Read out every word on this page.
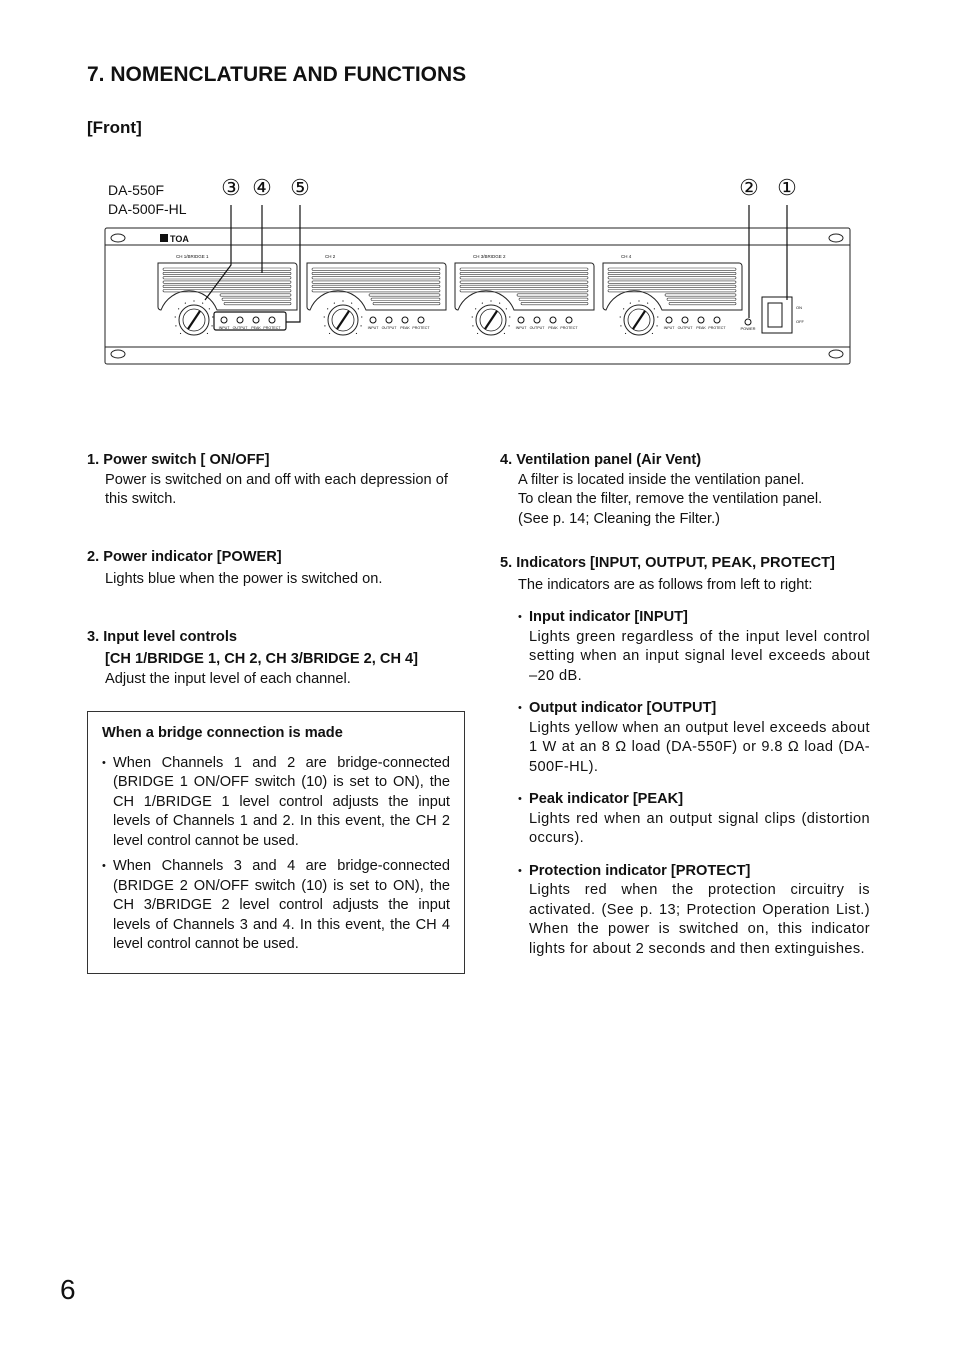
7. NOMENCLATURE AND FUNCTIONS
[Front]
DA-550F
DA-500F-HL
③ ④ ⑤	② ①
TOA
CH 1/BRIDGE 1
INPUT OUTPUT PEAK PROTECT
CH 2
INPUT OUTPUT PEAK PROTECT
CH 3/BRIDGE 2
INPUT OUTPUT PEAK PROTECT
CH 4
INPUT OUTPUT PEAK PROTECT	POWER
ON
OFF
1. Power switch [ ON/OFF]
Power is switched on and off with each depression of this switch.
2. Power indicator [POWER]
Lights blue when the power is switched on.
3. Input level controls
[CH 1/BRIDGE 1, CH 2, CH 3/BRIDGE 2, CH 4]
Adjust the input level of each channel.
When a bridge connection is made
• When Channels 1 and 2 are bridge-connected (BRIDGE 1 ON/OFF switch (10) is set to ON), the CH 1/BRIDGE 1 level control adjusts the input levels of Channels 1 and 2. In this event, the CH 2 level control cannot be used.
• When Channels 3 and 4 are bridge-connected (BRIDGE 2 ON/OFF switch (10) is set to ON), the CH 3/BRIDGE 2 level control adjusts the input levels of Channels 3 and 4. In this event, the CH 4 level control cannot be used.
4. Ventilation panel (Air Vent)
A filter is located inside the ventilation panel.
To clean the filter, remove the ventilation panel.
(See p. 14; Cleaning the Filter.)
5. Indicators [INPUT, OUTPUT, PEAK, PROTECT]
The indicators are as follows from left to right:
• Input indicator [INPUT]
Lights green regardless of the input level control setting when an input signal level exceeds about –20 dB.
• Output indicator [OUTPUT]
Lights yellow when an output level exceeds about 1 W at an 8 Ω load (DA-550F) or 9.8 Ω load (DA-500F-HL).
• Peak indicator [PEAK]
Lights red when an output signal clips (distortion occurs).
• Protection indicator [PROTECT]
Lights red when the protection circuitry is activated. (See p. 13; Protection Operation List.) When the power is switched on, this indicator lights for about 2 seconds and then extinguishes.
6
